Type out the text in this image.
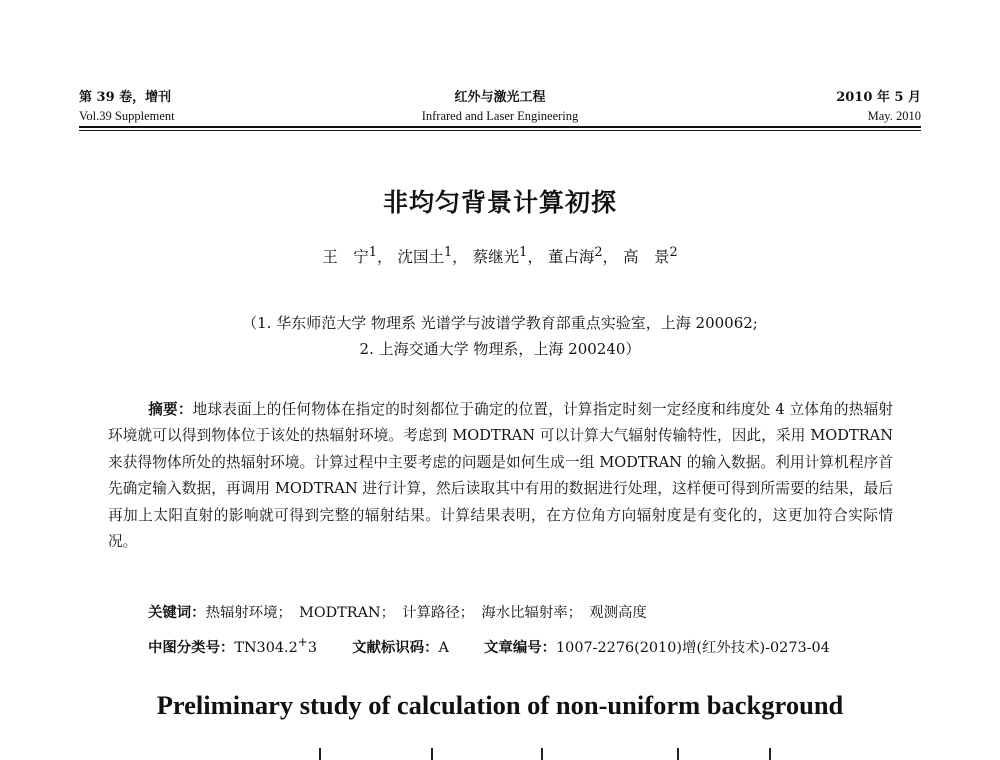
第 39 卷，增刊
Vol.39 Supplement
红外与激光工程
Infrared and Laser Engineering
2010 年 5 月
May. 2010
非均匀背景计算初探
王　宁$^1$， 沈国土$^1$， 蔡继光$^1$， 董占海$^2$， 高　景$^2$
（1. 华东师范大学 物理系 光谱学与波谱学教育部重点实验室，上海 200062;
2. 上海交通大学 物理系，上海 200240）

摘要：地球表面上的任何物体在指定的时刻都位于确定的位置，计算指定时刻一定经度和纬度处 4 立体角的热辐射环境就可以得到物体位于该处的热辐射环境。考虑到 MODTRAN 可以计算大气辐射传输特性，因此，采用 MODTRAN 来获得物体所处的热辐射环境。计算过程中主要考虑的问题是如何生成一组 MODTRAN 的输入数据。利用计算机程序首先确定输入数据，再调用 MODTRAN 进行计算，然后读取其中有用的数据进行处理，这样便可得到所需要的结果，最后再加上太阳直射的影响就可得到完整的辐射结果。计算结果表明，在方位角方向辐射度是有变化的，这更加符合实际情况。

关键词：热辐射环境；　MODTRAN；　计算路径；　海水比辐射率；　观测高度
中图分类号：TN304.2+3 文献标识码：A 文章编号：1007-2276(2010)增(红外技术)-0273-04
Preliminary study of calculation of non-uniform background
